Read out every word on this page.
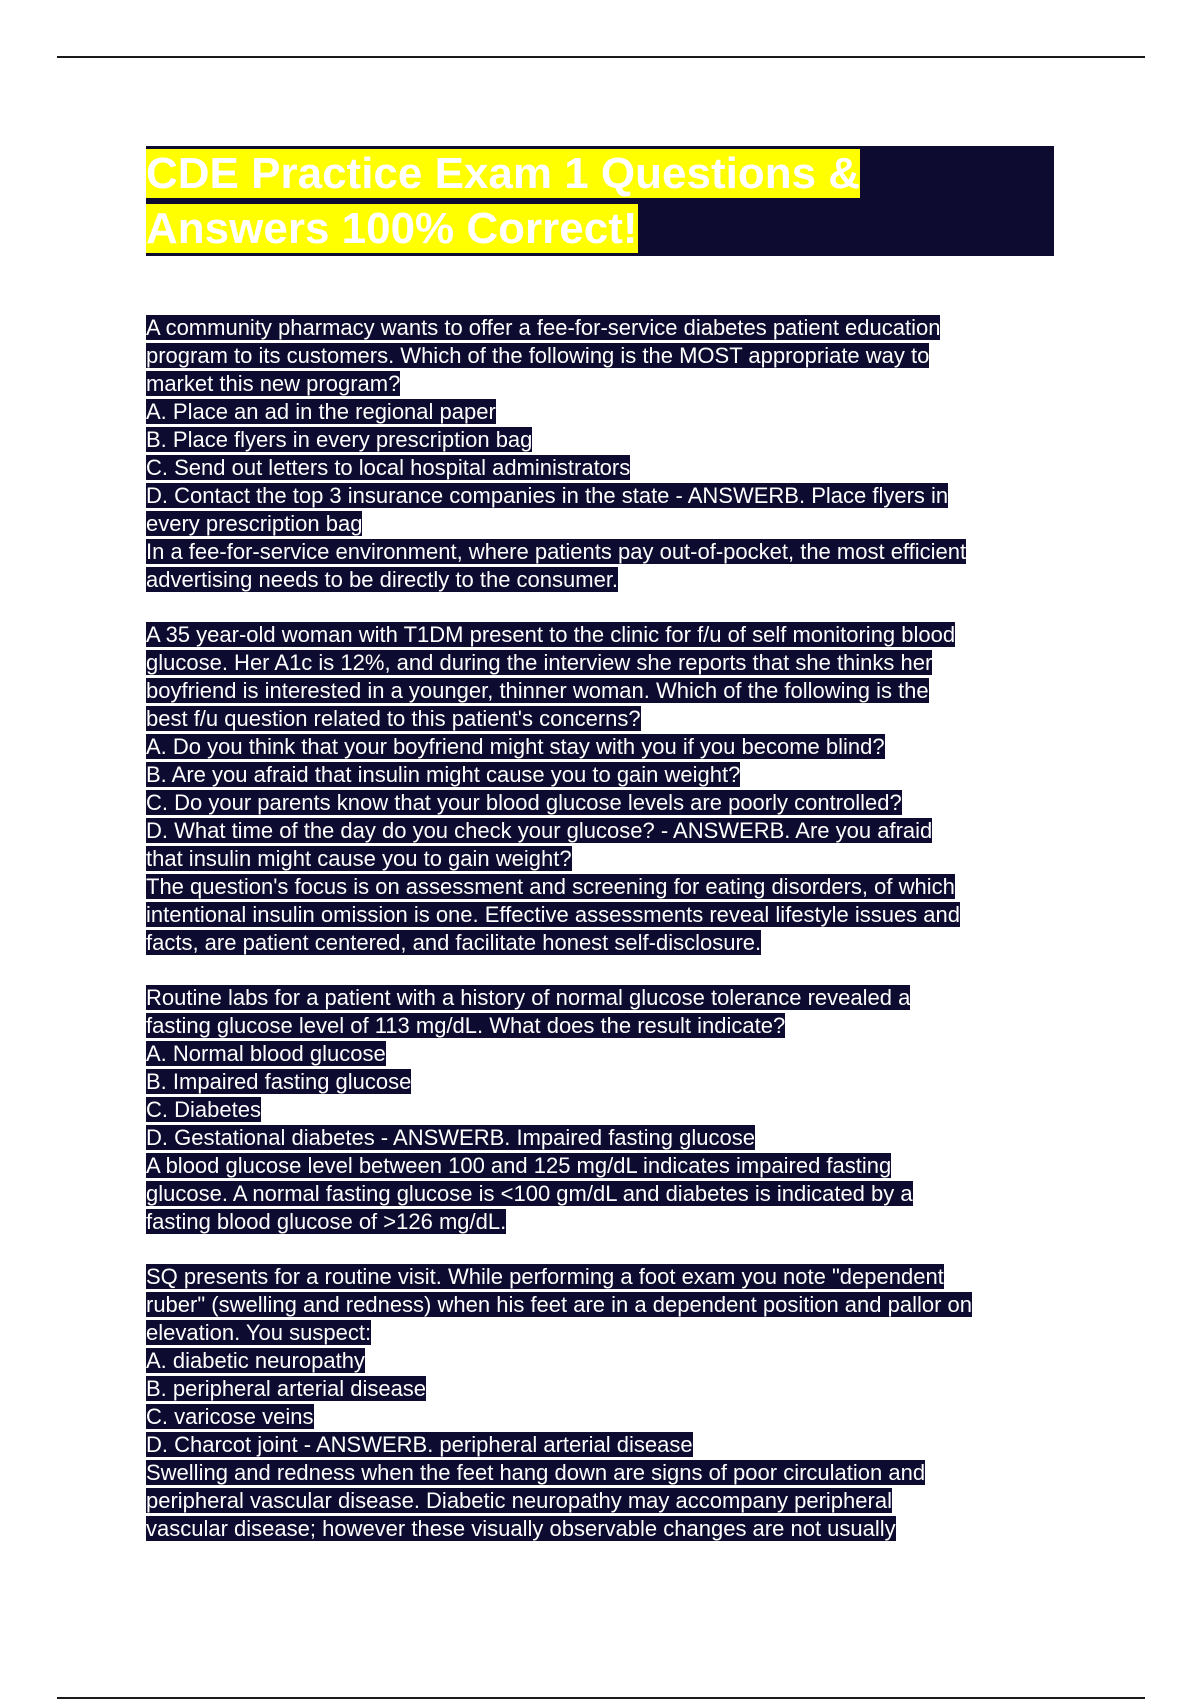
CDE Practice Exam 1 Questions &
Answers 100% Correct!
A community pharmacy wants to offer a fee-for-service diabetes patient education
program to its customers. Which of the following is the MOST appropriate way to
market this new program?
A. Place an ad in the regional paper
B. Place flyers in every prescription bag
C. Send out letters to local hospital administrators
D. Contact the top 3 insurance companies in the state - ANSWERB. Place flyers in
every prescription bag
In a fee-for-service environment, where patients pay out-of-pocket, the most efficient
advertising needs to be directly to the consumer.
A 35 year-old woman with T1DM present to the clinic for f/u of self monitoring blood
glucose. Her A1c is 12%, and during the interview she reports that she thinks her
boyfriend is interested in a younger, thinner woman. Which of the following is the
best f/u question related to this patient's concerns?
A. Do you think that your boyfriend might stay with you if you become blind?
B. Are you afraid that insulin might cause you to gain weight?
C. Do your parents know that your blood glucose levels are poorly controlled?
D. What time of the day do you check your glucose? - ANSWERB. Are you afraid
that insulin might cause you to gain weight?
The question's focus is on assessment and screening for eating disorders, of which
intentional insulin omission is one. Effective assessments reveal lifestyle issues and
facts, are patient centered, and facilitate honest self-disclosure.
Routine labs for a patient with a history of normal glucose tolerance revealed a
fasting glucose level of 113 mg/dL. What does the result indicate?
A. Normal blood glucose
B. Impaired fasting glucose
C. Diabetes
D. Gestational diabetes - ANSWERB. Impaired fasting glucose
A blood glucose level between 100 and 125 mg/dL indicates impaired fasting
glucose. A normal fasting glucose is <100 gm/dL and diabetes is indicated by a
fasting blood glucose of >126 mg/dL.
SQ presents for a routine visit. While performing a foot exam you note "dependent
ruber" (swelling and redness) when his feet are in a dependent position and pallor on
elevation. You suspect:
A. diabetic neuropathy
B. peripheral arterial disease
C. varicose veins
D. Charcot joint - ANSWERB. peripheral arterial disease
Swelling and redness when the feet hang down are signs of poor circulation and
peripheral vascular disease. Diabetic neuropathy may accompany peripheral
vascular disease; however these visually observable changes are not usually
